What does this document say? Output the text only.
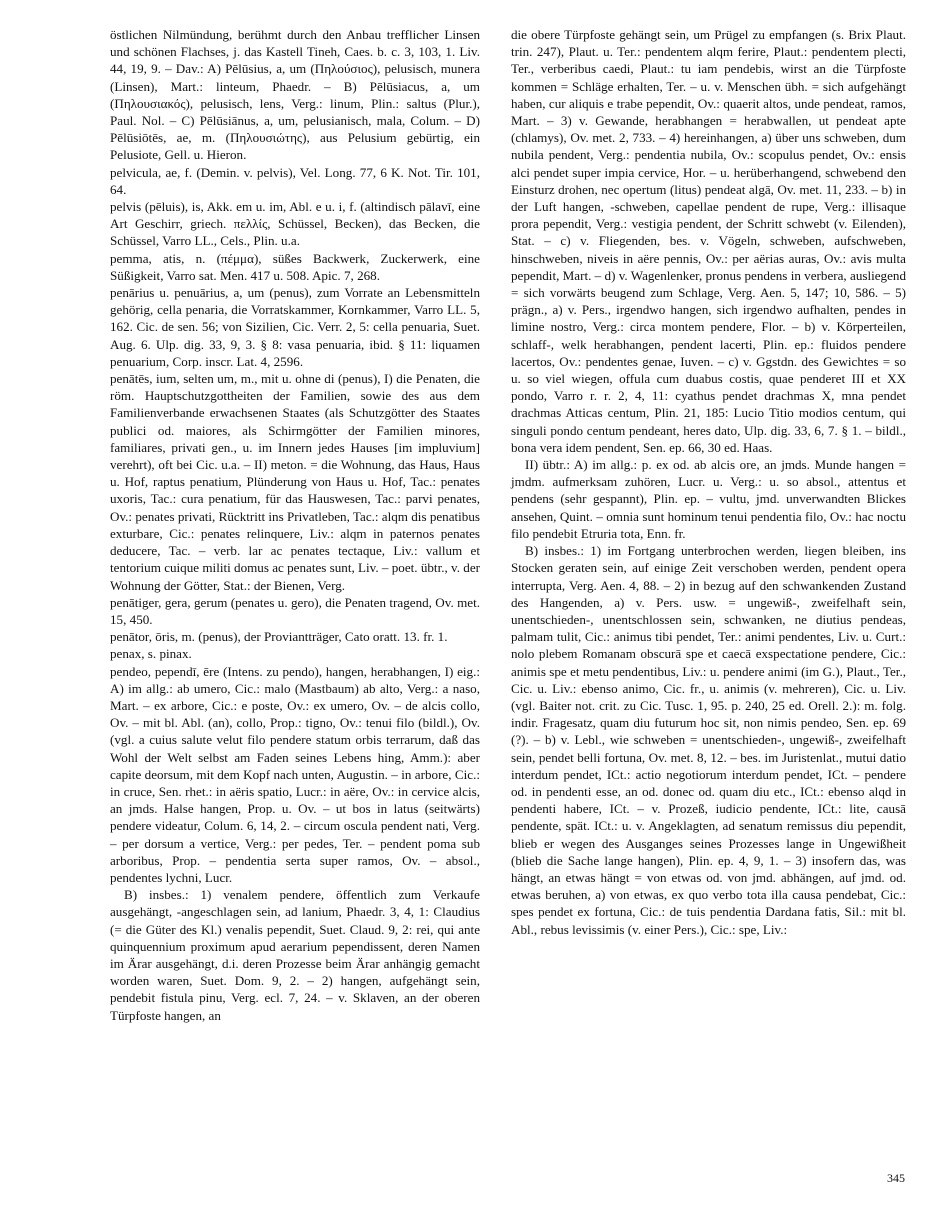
östlichen Nilmündung, berühmt durch den Anbau trefflicher Linsen und schönen Flachses, j. das Kastell Tineh, Caes. b. c. 3, 103, 1. Liv. 44, 19, 9. – Dav.: A) Pēlūsius, a, um (Πηλούσιος), pelusisch, munera (Linsen), Mart.: linteum, Phaedr. – B) Pēlūsiacus, a, um (Πηλουσιακός), pelusisch, lens, Verg.: linum, Plin.: saltus (Plur.), Paul. Nol. – C) Pēlūsiānus, a, um, pelusianisch, mala, Colum. – D) Pēlūsiōtēs, ae, m. (Πηλουσιώτης), aus Pelusium gebürtig, ein Pelusiote, Gell. u. Hieron.

pelvicula, ae, f. (Demin. v. pelvis), Vel. Long. 77, 6 K. Not. Tir. 101, 64.

pelvis (pēluis), is, Akk. em u. im, Abl. e u. i, f. (altindisch pālavī, eine Art Geschirr, griech. πελλίς, Schüssel, Becken), das Becken, die Schüssel, Varro LL., Cels., Plin. u.a.

pemma, atis, n. (πέμμα), süßes Backwerk, Zuckerwerk, eine Süßigkeit, Varro sat. Men. 417 u. 508. Apic. 7, 268.

penārius u. penuārius, a, um (penus), zum Vorrate an Lebensmitteln gehörig, cella penaria, die Vorratskammer, Kornkammer, Varro LL. 5, 162. Cic. de sen. 56; von Sizilien, Cic. Verr. 2, 5: cella penuaria, Suet. Aug. 6. Ulp. dig. 33, 9, 3. § 8: vasa penuaria, ibid. § 11: liquamen penuarium, Corp. inscr. Lat. 4, 2596.

penātēs, ium, selten um, m., mit u. ohne di (penus), I) die Penaten, die röm. Hauptschutzgottheiten der Familien, sowie des aus dem Familienverbande erwachsenen Staates (als Schutzgötter des Staates publici od. maiores, als Schirmgötter der Familien minores, familiares, privati gen., u. im Innern jedes Hauses [im impluvium] verehrt), oft bei Cic. u.a. – II) meton. = die Wohnung, das Haus, Haus u. Hof, raptus penatium, Plünderung von Haus u. Hof, Tac.: penates uxoris, Tac.: cura penatium, für das Hauswesen, Tac.: parvi penates, Ov.: penates privati, Rücktritt ins Privatleben, Tac.: alqm dis penatibus exturbare, Cic.: penates relinquere, Liv.: alqm in paternos penates deducere, Tac. – verb. lar ac penates tectaque, Liv.: vallum et tentorium cuique militi domus ac penates sunt, Liv. – poet. übtr., v. der Wohnung der Götter, Stat.: der Bienen, Verg.

penātiger, gera, gerum (penates u. gero), die Penaten tragend, Ov. met. 15, 450.

penātor, ōris, m. (penus), der Proviantträger, Cato oratt. 13. fr. 1.

penax, s. pinax.

pendeo, pependī, ēre (Intens. zu pendo), hangen, herabhangen, I) eig.: A) im allg.: ab umero, Cic.: malo (Mastbaum) ab alto, Verg.: a naso, Mart. – ex arbore, Cic.: e poste, Ov.: ex umero, Ov. – de alcis collo, Ov. – mit bl. Abl. (an), collo, Prop.: tigno, Ov.: tenui filo (bildl.), Ov. (vgl. a cuius salute velut filo pendere statum orbis terrarum, daß das Wohl der Welt selbst am Faden seines Lebens hing, Amm.): aber capite deorsum, mit dem Kopf nach unten, Augustin. – in arbore, Cic.: in cruce, Sen. rhet.: in aëris spatio, Lucr.: in aëre, Ov.: in cervice alcis, an jmds. Halse hangen, Prop. u. Ov. – ut bos in latus (seitwärts) pendere videatur, Colum. 6, 14, 2. – circum oscula pendent nati, Verg. – per dorsum a vertice, Verg.: per pedes, Ter. – pendent poma sub arboribus, Prop. – pendentia serta super ramos, Ov. – absol., pendentes lychni, Lucr.

B) insbes.: 1) venalem pendere, öffentlich zum Verkaufe ausgehängt, -angeschlagen sein, ad lanium, Phaedr. 3, 4, 1: Claudius (= die Güter des Kl.) venalis pependit, Suet. Claud. 9, 2: rei, qui ante quinquennium proximum apud aerarium pependissent, deren Namen im Ärar ausgehängt, d.i. deren Prozesse beim Ärar anhängig gemacht worden waren, Suet. Dom. 9, 2. – 2) hangen, aufgehängt sein, pendebit fistula pinu, Verg. ecl. 7, 24. – v. Sklaven, an der oberen Türpfoste hangen, an

die obere Türpfoste gehängt sein, um Prügel zu empfangen (s. Brix Plaut. trin. 247), Plaut. u. Ter.: pendentem alqm ferire, Plaut.: pendentem plecti, Ter., verberibus caedi, Plaut.: tu iam pendebis, wirst an die Türpfoste kommen = Schläge erhalten, Ter. – u. v. Menschen übh. = sich aufgehängt haben, cur aliquis e trabe pependit, Ov.: quaerit altos, unde pendeat, ramos, Mart. – 3) v. Gewande, herabhangen = herabwallen, ut pendeat apte (chlamys), Ov. met. 2, 733. – 4) hereinhangen, a) über uns schweben, dum nubila pendent, Verg.: pendentia nubila, Ov.: scopulus pendet, Ov.: ensis alci pendet super impia cervice, Hor. – u. herüberhangend, schwebend den Einsturz drohen, nec opertum (litus) pendeat algā, Ov. met. 11, 233. – b) in der Luft hangen, -schweben, capellae pendent de rupe, Verg.: illisaque prora pependit, Verg.: vestigia pendent, der Schritt schwebt (v. Eilenden), Stat. – c) v. Fliegenden, bes. v. Vögeln, schweben, aufschweben, hinschweben, niveis in aëre pennis, Ov.: per aërias auras, Ov.: avis multa pependit, Mart. – d) v. Wagenlenker, pronus pendens in verbera, ausliegend = sich vorwärts beugend zum Schlage, Verg. Aen. 5, 147; 10, 586. – 5) prägn., a) v. Pers., irgendwo hangen, sich irgendwo aufhalten, pendes in limine nostro, Verg.: circa montem pendere, Flor. – b) v. Körperteilen, schlaff-, welk herabhangen, pendent lacerti, Plin. ep.: fluidos pendere lacertos, Ov.: pendentes genae, Iuven. – c) v. Ggstdn. des Gewichtes = so u. so viel wiegen, offula cum duabus costis, quae penderet III et XX pondo, Varro r. r. 2, 4, 11: cyathus pendet drachmas X, mna pendet drachmas Atticas centum, Plin. 21, 185: Lucio Titio modios centum, qui singuli pondo centum pendeant, heres dato, Ulp. dig. 33, 6, 7. § 1. – bildl., bona vera idem pendent, Sen. ep. 66, 30 ed. Haas.

II) übtr.: A) im allg.: p. ex od. ab alcis ore, an jmds. Munde hangen = jmdm. aufmerksam zuhören, Lucr. u. Verg.: u. so absol., attentus et pendens (sehr gespannt), Plin. ep. – vultu, jmd. unverwandten Blickes ansehen, Quint. – omnia sunt hominum tenui pendentia filo, Ov.: hac noctu filo pendebit Etruria tota, Enn. fr.

B) insbes.: 1) im Fortgang unterbrochen werden, liegen bleiben, ins Stocken geraten sein, auf einige Zeit verschoben werden, pendent opera interrupta, Verg. Aen. 4, 88. – 2) in bezug auf den schwankenden Zustand des Hangenden, a) v. Pers. usw. = ungewiß-, zweifelhaft sein, unentschieden-, unentschlossen sein, schwanken, ne diutius pendeas, palmam tulit, Cic.: animus tibi pendet, Ter.: animi pendentes, Liv. u. Curt.: nolo plebem Romanam obscurā spe et caecā exspectatione pendere, Cic.: animis spe et metu pendentibus, Liv.: u. pendere animi (im G.), Plaut., Ter., Cic. u. Liv.: ebenso animo, Cic. fr., u. animis (v. mehreren), Cic. u. Liv. (vgl. Baiter not. crit. zu Cic. Tusc. 1, 95. p. 240, 25 ed. Orell. 2.): m. folg. indir. Fragesatz, quam diu futurum hoc sit, non nimis pendeo, Sen. ep. 69 (?). – b) v. Lebl., wie schweben = unentschieden-, ungewiß-, zweifelhaft sein, pendet belli fortuna, Ov. met. 8, 12. – bes. im Juristenlat., mutui datio interdum pendet, ICt.: actio negotiorum interdum pendet, ICt. – pendere od. in pendenti esse, an od. donec od. quam diu etc., ICt.: ebenso alqd in pendenti habere, ICt. – v. Prozeß, iudicio pendente, ICt.: lite, causā pendente, spät. ICt.: u. v. Angeklagten, ad senatum remissus diu pependit, blieb er wegen des Ausganges seines Prozesses lange in Ungewißheit (blieb die Sache lange hangen), Plin. ep. 4, 9, 1. – 3) insofern das, was hängt, an etwas hängt = von etwas od. von jmd. abhängen, auf jmd. od. etwas beruhen, a) von etwas, ex quo verbo tota illa causa pendebat, Cic.: spes pendet ex fortuna, Cic.: de tuis pendentia Dardana fatis, Sil.: mit bl. Abl., rebus levissimis (v. einer Pers.), Cic.: spe, Liv.:

345
